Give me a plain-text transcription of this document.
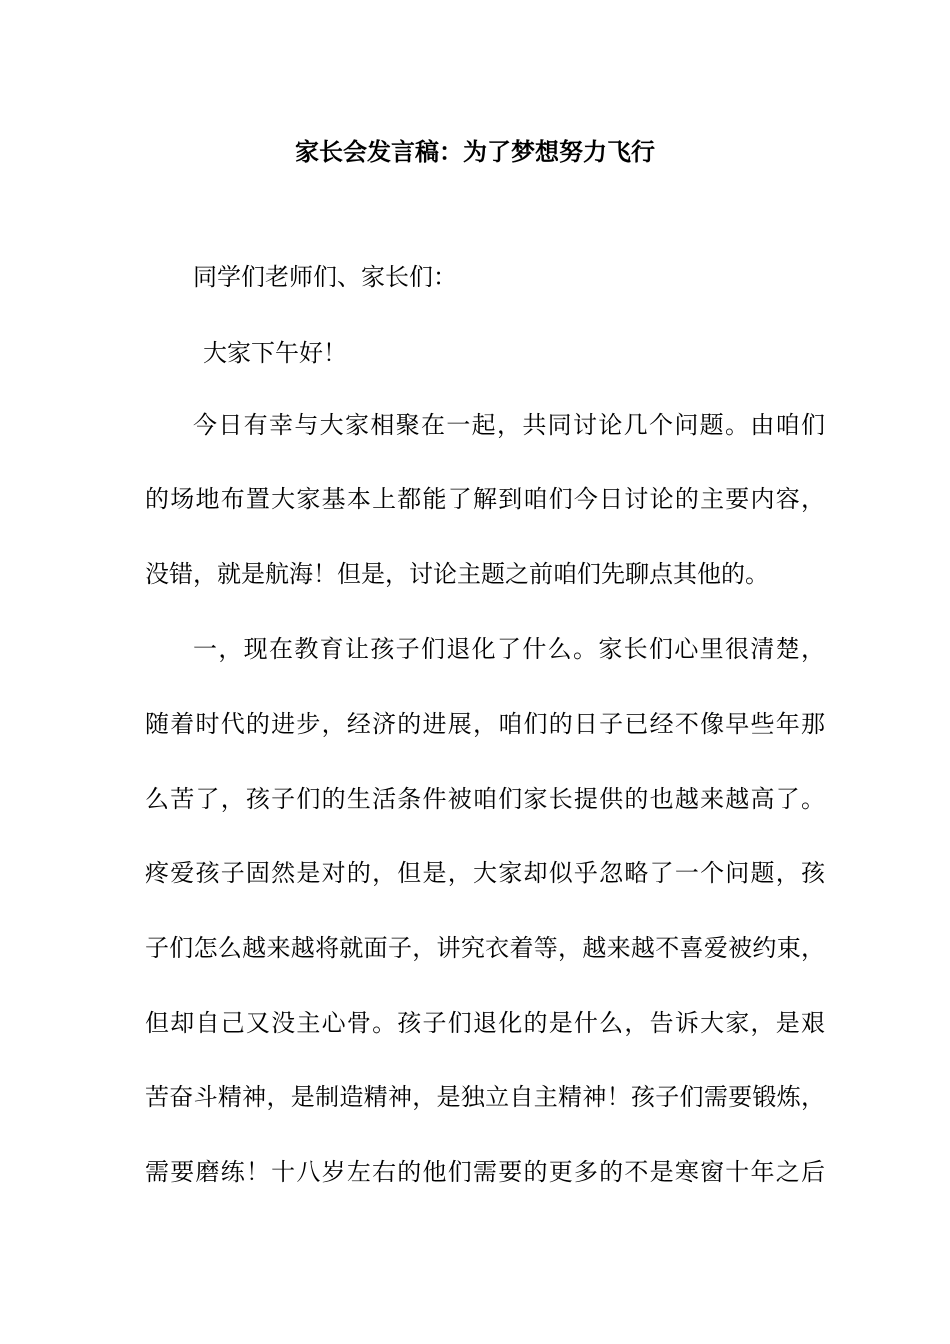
家长会发言稿：为了梦想努力飞行
同学们老师们、家长们：
大家下午好！
今日有幸与大家相聚在一起，共同讨论几个问题。由咱们
的场地布置大家基本上都能了解到咱们今日讨论的主要内容，
没错，就是航海！但是，讨论主题之前咱们先聊点其他的。
一，现在教育让孩子们退化了什么。家长们心里很清楚，
随着时代的进步，经济的进展，咱们的日子已经不像早些年那
么苦了，孩子们的生活条件被咱们家长提供的也越来越高了。
疼爱孩子固然是对的，但是，大家却似乎忽略了一个问题，孩
子们怎么越来越将就面子，讲究衣着等，越来越不喜爱被约束，
但却自己又没主心骨。孩子们退化的是什么，告诉大家，是艰
苦奋斗精神，是制造精神，是独立自主精神！孩子们需要锻炼，
需要磨练！十八岁左右的他们需要的更多的不是寒窗十年之后
